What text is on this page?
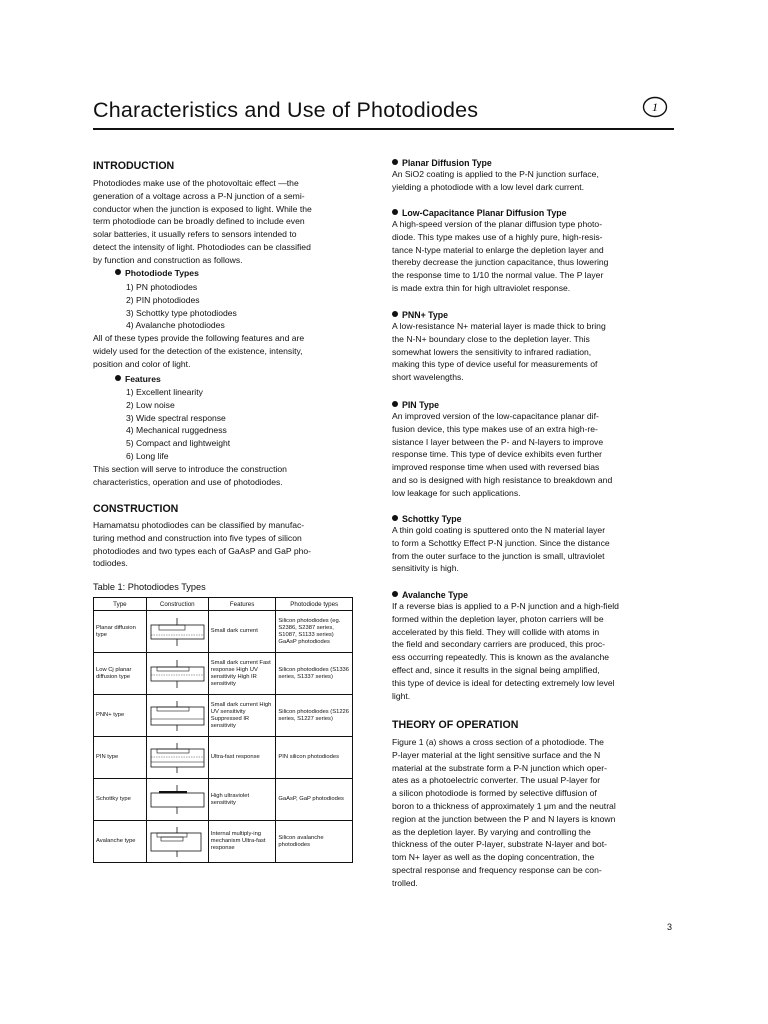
Characteristics and Use of Photodiodes	1

INTRODUCTION

Photodiodes make use of the photovoltaic effect —the

generation of a voltage across a P-N junction of a semi-

conductor when the junction is exposed to light. While the

term photodiode can be broadly defined to include even

solar batteries, it usually refers to sensors intended to

detect the intensity of light. Photodiodes can be classified

by function and construction as follows.

Photodiode Types
1) PN photodiodes
2) PIN photodiodes
3) Schottky type photodiodes
4) Avalanche photodiodes

All of these types provide the following features and are

widely used for the detection of the existence, intensity,

position and color of light.

Features
1) Excellent linearity
2) Low noise
3) Wide spectral response
4) Mechanical ruggedness
5) Compact and lightweight
6) Long life

This section will serve to introduce the construction

characteristics, operation and use of photodiodes.

CONSTRUCTION

Hamamatsu photodiodes can be classified by manufac-

turing method and construction into five types of silicon

photodiodes and two types each of GaAsP and GaP pho-

todiodes.

Table 1: Photodiodes Types
Type	Construction	Features	Photodiode types
Planar diffusion type		Small dark current	Silicon photodiodes (eg. S2386, S2387 series, S1087, S1133 series) GaAsP photodiodes
Low Cj planar diffusion type		Small dark current Fast response High UV sensitivity High IR sensitivity	Silicon photodiodes (S1336 series, S1337 series)
PNN+ type		Small dark current High UV sensitivity Suppressed IR sensitivity	Silicon photodiodes (S1226 series, S1227 series)
PIN type		Ultra-fast response	PIN silicon photodiodes
Schottky type		High ultraviolet sensitivity	GaAsP, GaP photodiodes
Avalanche type		Internal multiply-ing mechanism Ultra-fast response	Silicon avalanche photodiodes

Planar Diffusion Type

An SiO2 coating is applied to the P-N junction surface,

yielding a photodiode with a low level dark current.

Low-Capacitance Planar Diffusion Type

A high-speed version of the planar diffusion type photo-

diode. This type makes use of a highly pure, high-resis-

tance N-type material to enlarge the depletion layer and

thereby decrease the junction capacitance, thus lowering

the response time to 1/10 the normal value. The P layer

is made extra thin for high ultraviolet response.

PNN+ Type

A low-resistance N+ material layer is made thick to bring

the N-N+ boundary close to the depletion layer. This

somewhat lowers the sensitivity to infrared radiation,

making this type of device useful for measurements of

short wavelengths.

PIN Type

An improved version of the low-capacitance planar dif-

fusion device, this type makes use of an extra high-re-

sistance I layer between the P- and N-layers to improve

response time. This type of device exhibits even further

improved response time when used with reversed bias

and so is designed with high resistance to breakdown and

low leakage for such applications.

Schottky Type

A thin gold coating is sputtered onto the N material layer

to form a Schottky Effect P-N junction. Since the distance

from the outer surface to the junction is small, ultraviolet

sensitivity is high.

Avalanche Type

If a reverse bias is applied to a P-N junction and a high-field

formed within the depletion layer, photon carriers will be

accelerated by this field. They will collide with atoms in

the field and secondary carriers are produced, this proc-

ess occurring repeatedly. This is known as the avalanche

effect and, since it results in the signal being amplified,

this type of device is ideal for detecting extremely low level

light.

THEORY OF OPERATION

Figure 1 (a) shows a cross section of a photodiode. The

P-layer material at the light sensitive surface and the N

material at the substrate form a P-N junction which oper-

ates as a photoelectric converter. The usual P-layer for

a silicon photodiode is formed by selective diffusion of

boron to a thickness of approximately 1 μm and the neutral

region at the junction between the P and N layers is known

as the depletion layer. By varying and controlling the

thickness of the outer P-layer, substrate N-layer and bot-

tom N+ layer as well as the doping concentration, the

spectral response and frequency response can be con-

trolled.

3
